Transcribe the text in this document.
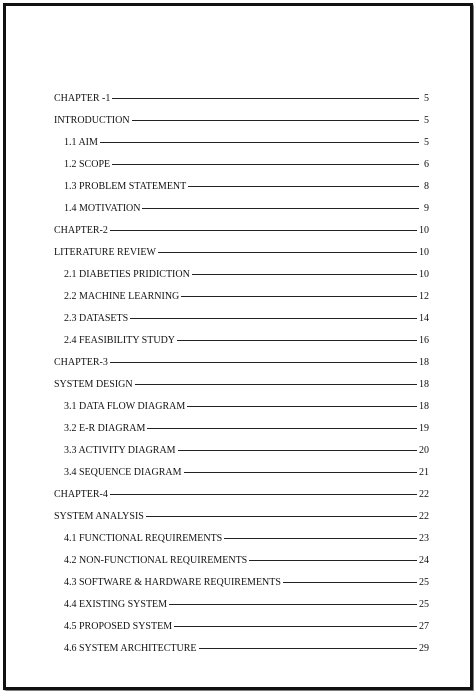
CHAPTER -1	5
INTRODUCTION	5
1.1 AIM	5
1.2 SCOPE	6
1.3 PROBLEM STATEMENT	8
1.4 MOTIVATION	9
CHAPTER-2	10
LITERATURE REVIEW	10
2.1 DIABETIES PRIDICTION	10
2.2 MACHINE LEARNING	12
2.3 DATASETS	14
2.4 FEASIBILITY STUDY	16
CHAPTER-3	18
SYSTEM DESIGN	18
3.1 DATA FLOW DIAGRAM	18
3.2 E-R DIAGRAM	19
3.3 ACTIVITY DIAGRAM	20
3.4 SEQUENCE DIAGRAM	21
CHAPTER-4	22
SYSTEM ANALYSIS	22
4.1 FUNCTIONAL REQUIREMENTS	23
4.2 NON-FUNCTIONAL REQUIREMENTS	24
4.3 SOFTWARE & HARDWARE REQUIREMENTS	25
4.4 EXISTING SYSTEM	25
4.5 PROPOSED SYSTEM	27
4.6 SYSTEM ARCHITECTURE	29
